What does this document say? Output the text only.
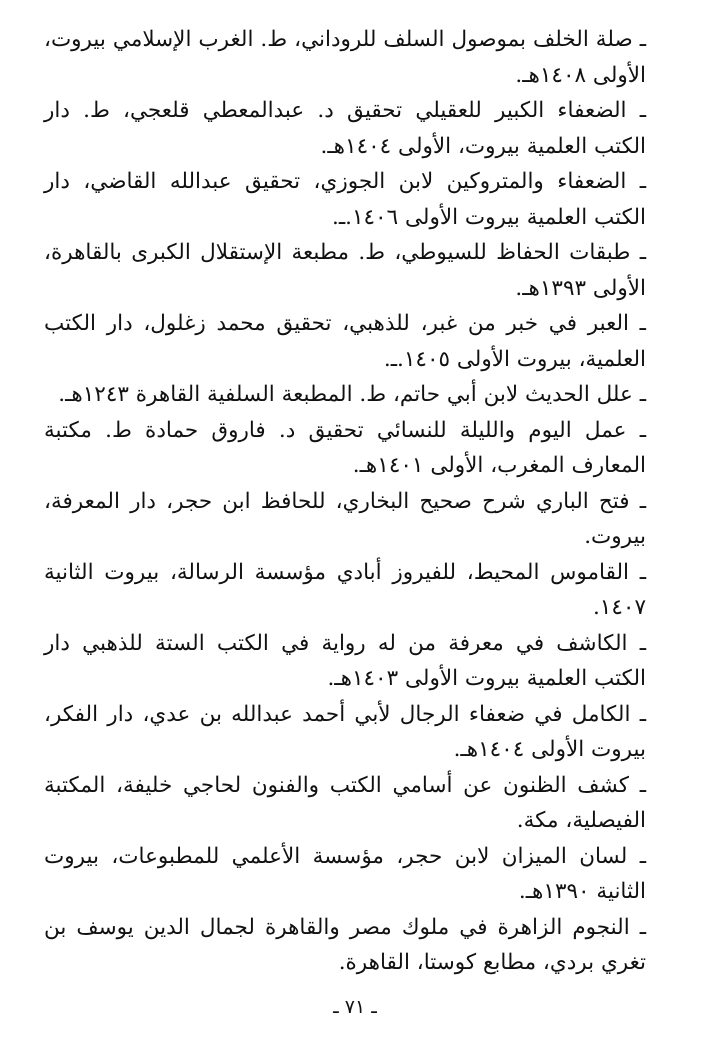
ـ صلة الخلف بموصول السلف للروداني، ط. الغرب الإسلامي بيروت، الأولى ١٤٠٨هـ.
ـ الضعفاء الكبير للعقيلي تحقيق د. عبدالمعطي قلعجي، ط. دار الكتب العلمية بيروت، الأولى ١٤٠٤هـ.
ـ الضعفاء والمتروكين لابن الجوزي، تحقيق عبدالله القاضي، دار الكتب العلمية بيروت الأولى ١٤٠٦.ـ.
ـ طبقات الحفاظ للسيوطي، ط. مطبعة الإستقلال الكبرى بالقاهرة، الأولى ١٣٩٣هـ.
ـ العبر في خبر من غبر، للذهبي، تحقيق محمد زغلول، دار الكتب العلمية، بيروت الأولى ١٤٠٥.ـ.
ـ علل الحديث لابن أبي حاتم، ط. المطبعة السلفية القاهرة ١٢٤٣هـ.
ـ عمل اليوم والليلة للنسائي تحقيق د. فاروق حمادة ط. مكتبة المعارف المغرب، الأولى ١٤٠١هـ.
ـ فتح الباري شرح صحيح البخاري، للحافظ ابن حجر، دار المعرفة، بيروت.
ـ القاموس المحيط، للفيروز أبادي مؤسسة الرسالة، بيروت الثانية ١٤٠٧.
ـ الكاشف في معرفة من له رواية في الكتب الستة للذهبي دار الكتب العلمية بيروت الأولى ١٤٠٣هـ.
ـ الكامل في ضعفاء الرجال لأبي أحمد عبدالله بن عدي، دار الفكر، بيروت الأولى ١٤٠٤هـ.
ـ كشف الظنون عن أسامي الكتب والفنون لحاجي خليفة، المكتبة الفيصلية، مكة.
ـ لسان الميزان لابن حجر، مؤسسة الأعلمي للمطبوعات، بيروت الثانية ١٣٩٠هـ.
ـ النجوم الزاهرة في ملوك مصر والقاهرة لجمال الدين يوسف بن تغري بردي، مطابع كوستا، القاهرة.
ـ ٧١ ـ
